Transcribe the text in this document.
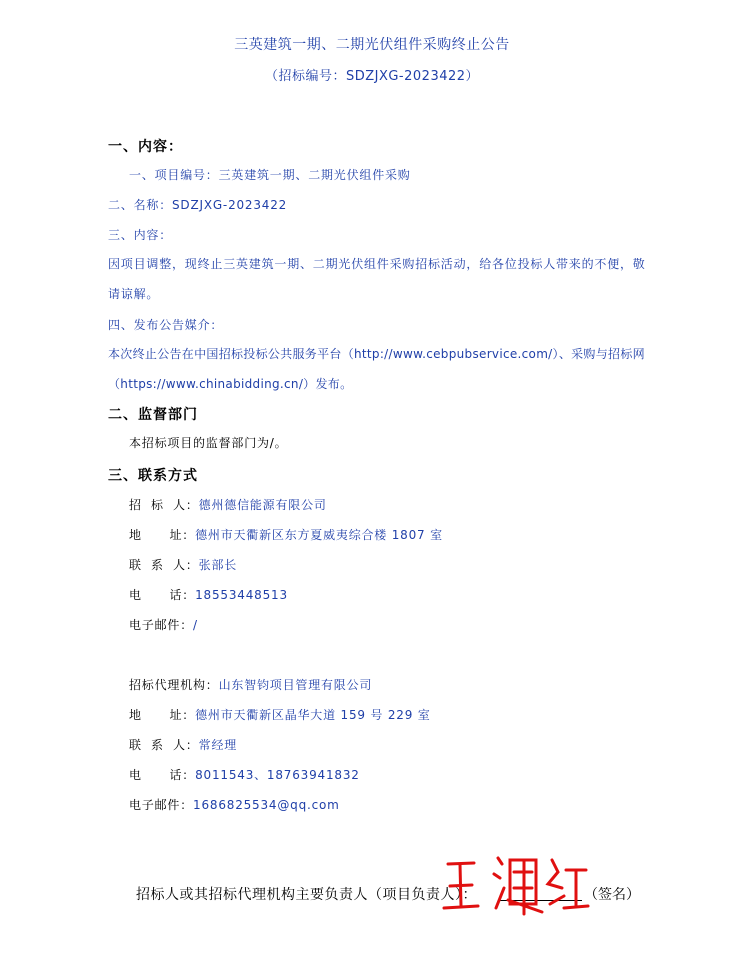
三英建筑一期、二期光伏组件采购终止公告
（招标编号：SDZJXG-2023422）
一、内容：
一、项目编号：三英建筑一期、二期光伏组件采购
二、名称：SDZJXG-2023422
三、内容：
因项目调整，现终止三英建筑一期、二期光伏组件采购招标活动，给各位投标人带来的不便，敬请谅解。
四、发布公告媒介：
本次终止公告在中国招标投标公共服务平台（http://www.cebpubservice.com/）、采购与招标网（https://www.chinabidding.cn/）发布。
二、监督部门
本招标项目的监督部门为/。
三、联系方式
招  标  人：德州德信能源有限公司
地      址：德州市天衢新区东方夏威夷综合楼 1807 室
联  系  人：张部长
电      话：18553448513
电子邮件：/
招标代理机构：山东智钧项目管理有限公司
地      址：德州市天衢新区晶华大道 159 号 229 室
联  系  人：常经理
电      话：8011543、18763941832
电子邮件：1686825534@qq.com
招标人或其招标代理机构主要负责人（项目负责人）：	（签名）
